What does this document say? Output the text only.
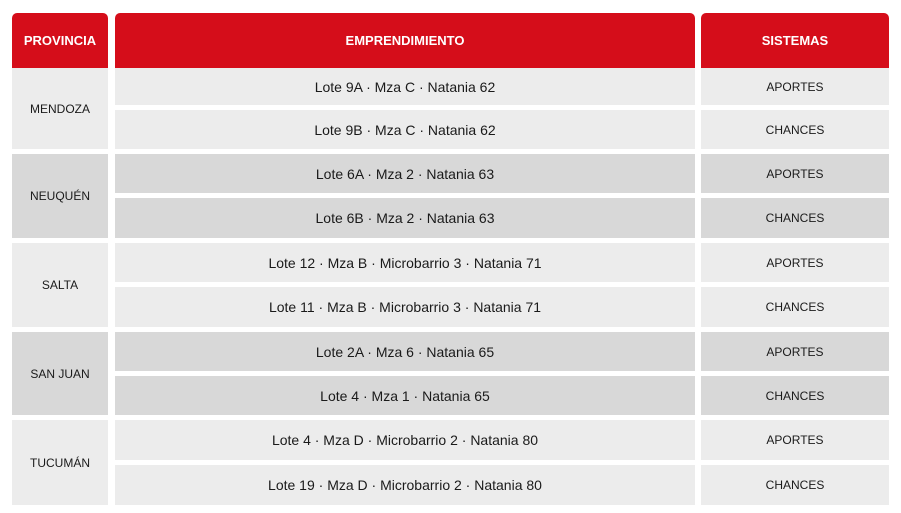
PROVINCIA	EMPRENDIMIENTO	SISTEMAS
MENDOZA
Lote 9A · Mza C · Natania 62	APORTES
Lote 9B · Mza C · Natania 62	CHANCES
NEUQUÉN
Lote 6A · Mza 2 · Natania 63	APORTES
Lote 6B · Mza 2 · Natania 63	CHANCES
SALTA
Lote 12 · Mza B · Microbarrio 3 · Natania 71	APORTES
Lote 11 · Mza B · Microbarrio 3 · Natania 71	CHANCES
SAN JUAN
Lote 2A · Mza 6 · Natania 65	APORTES
Lote 4 · Mza 1 · Natania 65	CHANCES
TUCUMÁN
Lote 4 · Mza D · Microbarrio 2 · Natania 80	APORTES
Lote 19 · Mza D · Microbarrio 2 · Natania 80	CHANCES
